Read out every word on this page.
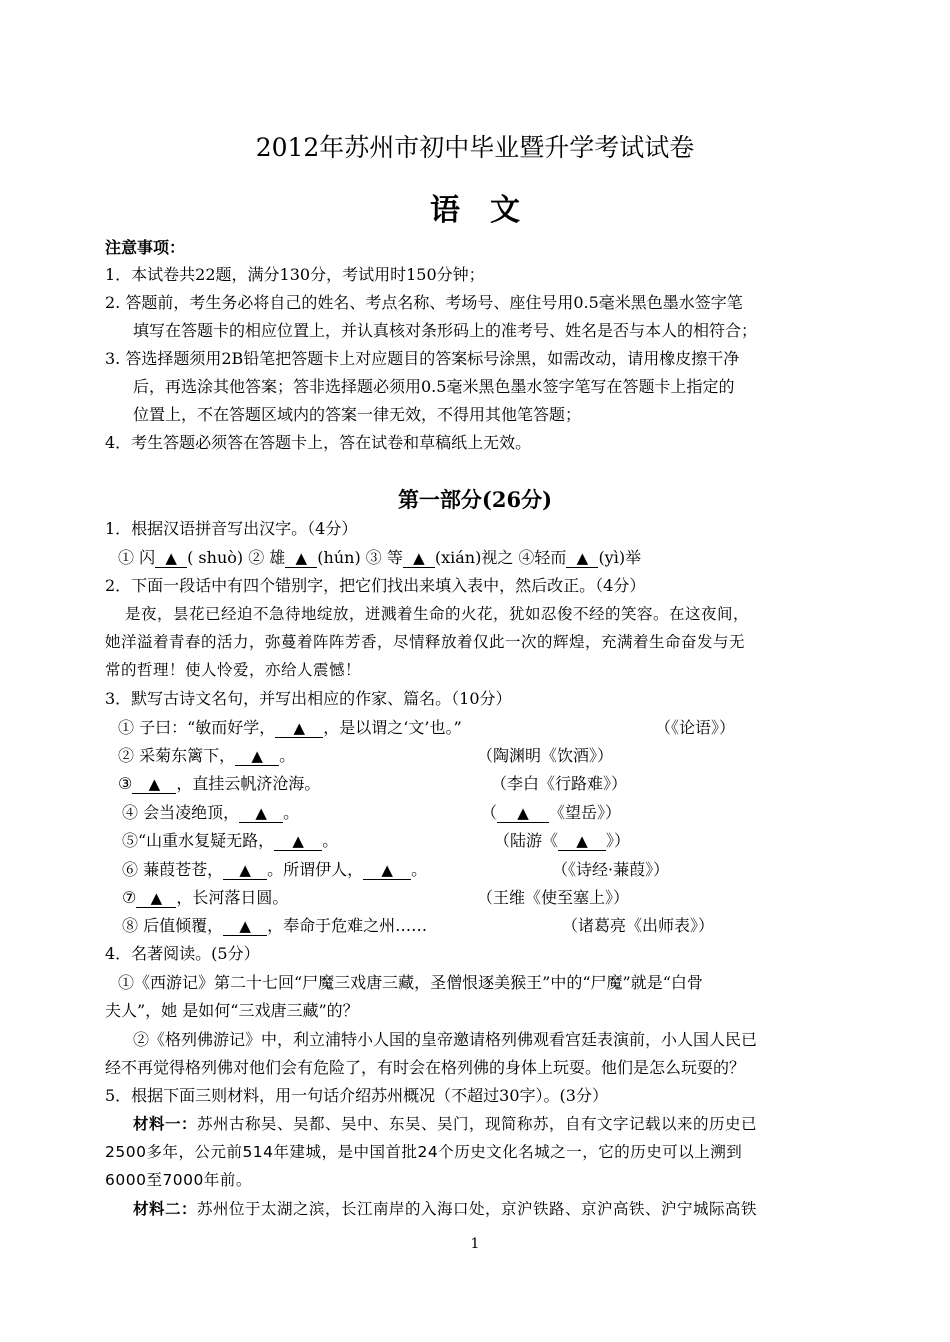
2012年苏州市初中毕业暨升学考试试卷
语文
注意事项：
1．本试卷共22题，满分130分，考试用时150分钟；
2. 答题前，考生务必将自己的姓名、考点名称、考场号、座住号用0.5毫米黑色墨水签字笔
填写在答题卡的相应位置上，并认真核对条形码上的准考号、姓名是否与本人的相符合；
3. 答选择题须用2B铅笔把答题卡上对应题目的答案标号涂黑，如需改动，请用橡皮擦干净
后，再选涂其他答案；答非选择题必须用0.5毫米黑色墨水签字笔写在答题卡上指定的
位置上，不在答题区域内的答案一律无效，不得用其他笔答题；
4．考生答题必须答在答题卡上，答在试卷和草稿纸上无效。
第一部分(26分)
1．根据汉语拼音写出汉字。（4分）
① 闪 ▲ ( shuò) ② 雄 ▲ (hún) ③ 等 ▲ (xián)视之 ④轻而 ▲ (yì)举
2．下面一段话中有四个错别字，把它们找出来填入表中，然后改正。（4分）
是夜，昙花已经迫不急待地绽放，迸溅着生命的火花，犹如忍俊不经的笑容。在这夜间，
她洋溢着青春的活力，弥蔓着阵阵芳香，尽情释放着仅此一次的辉煌，充满着生命奋发与无
常的哲理！使人怜爱，亦给人震憾！
3．默写古诗文名句，并写出相应的作家、篇名。（10分）
① 子曰：“敏而好学， ▲ ，是以谓之‘文’也。”	（《论语》）
② 采菊东篱下， ▲ 。	（陶渊明《饮酒》）
③ ▲ ，直挂云帆济沧海。	（李白《行路难》）
④ 会当凌绝顶， ▲ 。	（ ▲ 《望岳》）
⑤“山重水复疑无路， ▲ 。	（陆游《 ▲ 》）
⑥ 蒹葭苍苍， ▲ 。所谓伊人， ▲ 。	（《诗经·蒹葭》）
⑦ ▲ ，长河落日圆。	（王维《使至塞上》）
⑧ 后值倾覆， ▲ ，奉命于危难之州……	（诸葛亮《出师表》）
4．名著阅读。(5分）
①《西游记》第二十七回“尸魔三戏唐三藏，圣僧恨逐美猴王”中的“尸魔”就是“白骨
夫人”，她 是如何“三戏唐三藏”的？
②《格列佛游记》中，利立浦特小人国的皇帝邀请格列佛观看宫廷表演前，小人国人民已
经不再觉得格列佛对他们会有危险了，有时会在格列佛的身体上玩耍。他们是怎么玩耍的？
5．根据下面三则材料，用一句话介绍苏州概况（不超过30字）。(3分）
材料一：苏州古称吴、吴都、吴中、东吴、吴门，现简称苏，自有文字记载以来的历史已
2500多年，公元前514年建城，是中国首批24个历史文化名城之一，它的历史可以上溯到
6000至7000年前。
材料二：苏州位于太湖之滨，长江南岸的入海口处，京沪铁路、京沪高铁、沪宁城际高铁
1
